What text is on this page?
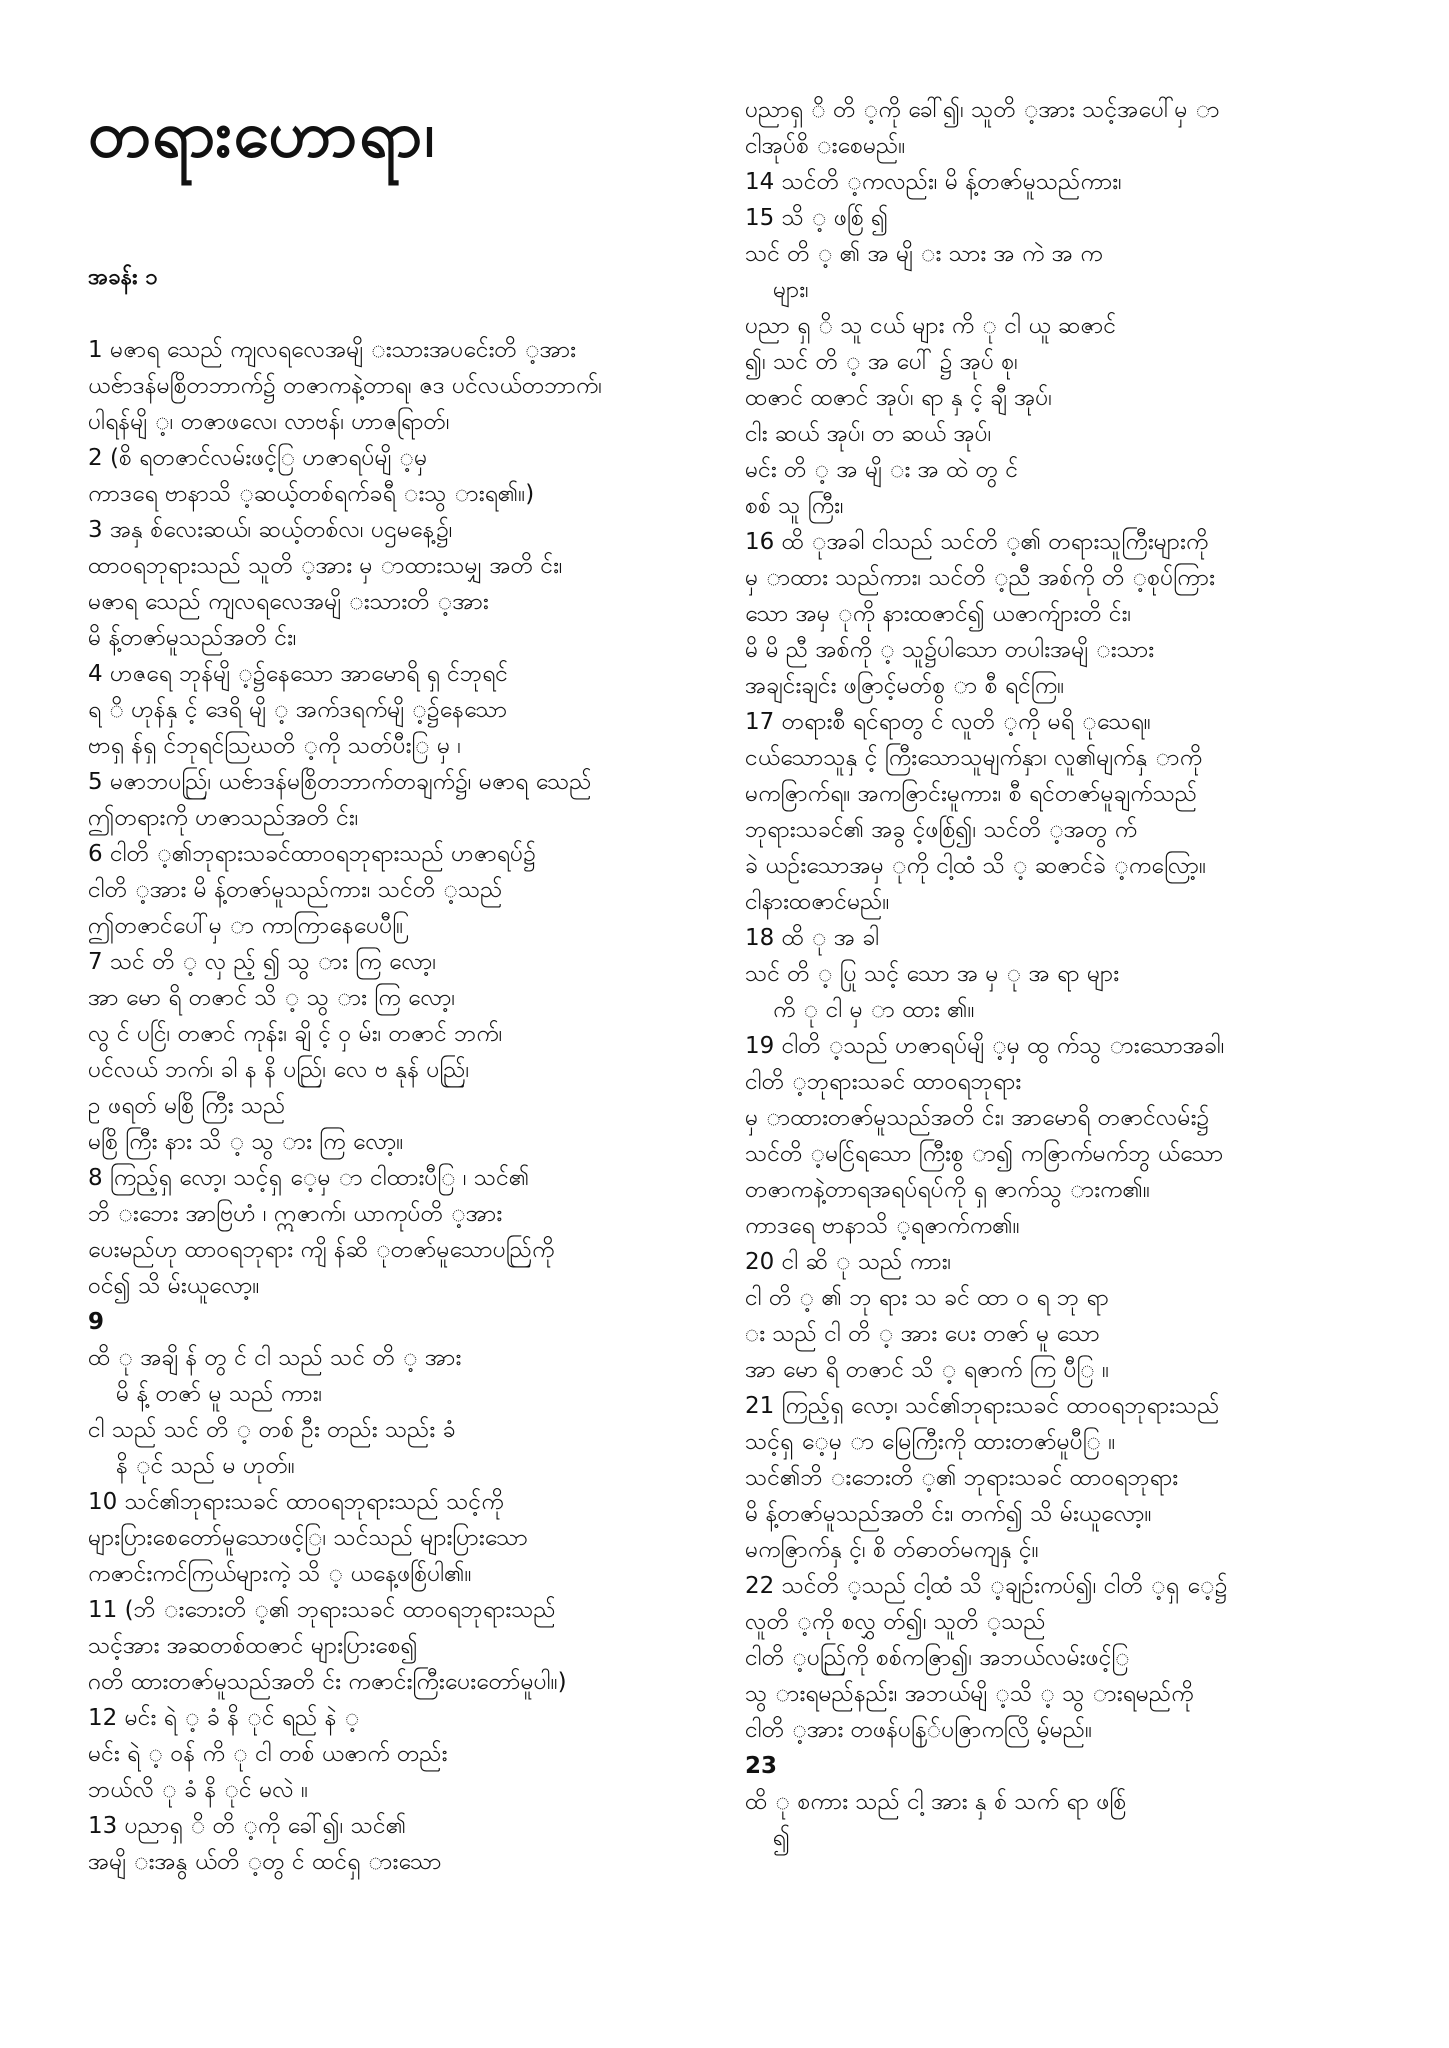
တရားဟောရာ၊
အခန်း ၁
1 မဇာရ သေည် ကျလရလေအမျိ းသားအပင်ေးတိ ့အား
ယၔ်ာဒန်မစြိတဘာက်၌ တဇာကနဲ့တာရ၊ ဇဒ ပင်လယ်တဘာက်၊
ပါရန်မျိ ့၊ တဇာဖလေ၊ လာဗန်၊ ဟာဇရြာတ်၊
2 (စိ ရတဇာင်လမ်းဖင့်ြ ဟဇာရပ်မျိ ့မှ
ကာဒရေ ဗာနာသိ ့ဆယ့်တစ်ရက်ခရီ းသွ ားရ၏။)
3 အနှ စ်လေးဆယ်၊ ဆယ့်တစ်လ၊ ပဌမနေ့၌၊
ထာဝရဘုရားသည် သူတိ ့အား မှ ာထားသမျှ အတိ င်း၊
မဇာရ သေည် ကျလရလေအမျိ းသားတိ ့အား
မိ န့်တဇာ်မူသည်အတိ င်း၊
4 ဟဇရေ ဘုန်မျိ ့၌နေသော အာမောရိ ရှ င်ဘုရင်
ရ ိ ဟုန်နှ င့် ဒေရိ မျိ ့ အက်ဒရက်မျိ ့၌နေသော
ဗာရှ န်ရှ င်ဘုရင်သြဃတိ ့ကို သတ်ပီးြ မှ ၊
5 မဇာဘပည်ြ၊ ယၔ်ာဒန်မစြိတဘာက်တချက်၌၊ မဇာရ သေည်
ဤတရားကို ဟဇာသည်အတိ င်း၊
6 ငါတိ ့၏ဘုရားသခင်ထာဝရဘုရားသည် ဟဇာရပ်၌
ငါတိ ့အား မိ န့်တဇာ်မူသည်ကား၊ သင်တိ ့သည်
ဤတဇာင်ပေါ်မှ ာ ကာကြာနေပေပီ။ြ
7 သင် တိ ့ လှ ည့် ၍ သွ ား ကြ လော့၊
အာ မော ရိ တဇာင် သိ ့ သွ ား ကြ လော့၊
လွ င် ပင်ြ၊ တဇာင် ကုန်း၊ ချိ င့် ဝှ မ်း၊ တဇာင် ဘက်၊
ပင်လယ် ဘက်၊ ခါ န နိ ပည်ြ၊ လေ ဗ နုန် ပည်ြ၊
ဥ ဖရတ် မစြိ ကြီး သည်
မစြိ ကြီး နား သိ ့ သွ ား ကြ လော့။
8 ကြည့်ရှ လော့၊ သင့်ရှ ေ့မှ ာ ငါထားပီြ ၊ သင်၏
ဘိ းဘေး အာဗြဟံ ၊ ဣဇာက်၊ ယာကုပ်တိ ့အား
ပေးမည်ဟု ထာဝရဘုရား ကျိ န်ဆိ ုတဇာ်မူသောပည်ြကို
ဝင်၍ သိ မ်းယူလော့။
9
ထိ ု အချိ န် တွ င် ငါ သည် သင် တိ ့ အား
မိ န့် တဇာ် မူ သည် ကား၊
ငါ သည် သင် တိ ့ တစ် ဦး တည်း သည်း ခံ
နိ ုင် သည် မ ဟုတ်။
10 သင်၏ဘုရားသခင် ထာဝရဘုရားသည် သင့်ကို
များပြားစေတော်မူသောဖင့်ြ၊ သင်သည် များပြားသော
ကဇာင်းကင်ကြယ်များကဲ့ သိ ့ ယနေ့ဖစ်ြပါ၏။
11 (ဘိ းဘေးတိ ့၏ ဘုရားသခင် ထာဝရဘုရားသည်
သင့်အား အဆတစ်ထဇာင် များပြားစေ၍
ဂတိ ထားတဇာ်မူသည်အတိ င်း ကဇာင်းကြီးပေးတော်မူပါ။)
12 မင်း ရဲ ့ ခံ နိ ုင် ရည် နဲ ့
မင်း ရဲ ့ ဝန် ကိ ု ငါ တစ် ယဇာက် တည်း
ဘယ်လိ ု ခံ နိ ုင် မလဲ ။
13 ပညာရှ ိ တိ ့ကို ခေါ်၍၊ သင်၏
အမျိ းအနွ ယ်တိ ့တွ င် ထင်ရှ ားသော
ပညာရှ ိ တိ ့ကို ခေါ်၍၊ သူတိ ့အား သင့်အပေါ်မှ ာ
ငါအုပ်စိ းစေမည်။
14 သင်တိ ့ကလည်း၊ မိ န့်တဇာ်မူသည်ကား၊
15 သိ ့ ဖစ်ြ ၍
သင် တိ ့ ၏ အ မျိ း သား အ ကဲ အ က
များ၊
ပညာ ရှ ိ သူ ငယ် များ ကိ ု ငါ ယူ ဆဇာင်
၍၊ သင် တိ ့ အ ပေါ် ၌ အုပ် စု၊
ထဇာင် ထဇာင် အုပ်၊ ရာ နှ င့် ချီ အုပ်၊
ငါး ဆယ် အုပ်၊ တ ဆယ် အုပ်၊
မင်း တိ ့ အ မျိ း အ ထဲ တွ င်
စစ် သူ ကြီး၊
16 ထိ ုအခါ ငါသည် သင်တိ ့၏ တရားသူကြီးများကို
မှ ာထား သည်ကား၊ သင်တိ ့ညီ အစ်ကို တိ ့စုပ်ကြား
သော အမှ ုကို နားထဇာင်၍ ယဇာက်ျားတိ င်း၊
မိ မိ ညီ အစ်ကို ့ သူ၌ပါသော တပါးအမျိ းသား
အချင်းချင်း ဖဇြာင့်မတ်စွ ာ စီ ရင်ကြ။
17 တရားစီ ရင်ရာတွ င် လူတိ ့ကို မရိ ုသေရ။
ငယ်သောသူနှ င့် ကြီးသောသူမျက်နှာ၊ လူ၏မျက်နှ ာကို
မကဇြာက်ရ။ အကဇြာင်းမူကား၊ စီ ရင်တဇာ်မူချက်သည်
ဘုရားသခင်၏ အခွ င့်ဖစ်ြ၍၊ သင်တိ ့အတွ က်
ခဲ ယဉ်းသောအမှ ုကို ငါ့ထံ သိ ့ ဆဇာင်ခဲ ့ကလြော့။
ငါနားထဇာင်မည်။
18 ထိ ု အ ခါ
သင် တိ ့ ပြု သင့် သော အ မှ ု အ ရာ များ
ကိ ု ငါ မှ ာ ထား ၏။
19 ငါတိ ့သည် ဟဇာရပ်မျိ ့မှ ထွ က်သွ ားသောအခါ၊
ငါတိ ့ဘုရားသခင် ထာဝရဘုရား
မှ ာထားတဇာ်မူသည်အတိ င်း၊ အာမောရိ တဇာင်လမ်း၌
သင်တိ ့မင်ြရသော ကြီးစွ ာ၍ ကဇြာက်မက်ဘွ ယ်သော
တဇာကနဲ့တာရအရပ်ရပ်ကို ရှ ဇာက်သွ ားက၏။
ကာဒရေ ဗာနာသိ ့ရဇာက်က၏။
20 ငါ ဆိ ု သည် ကား၊
ငါ တိ ့ ၏ ဘု ရား သ ခင် ထာ ဝ ရ ဘု ရာ
း သည် ငါ တိ ့ အား ပေး တဇာ် မူ သော
အာ မော ရိ တဇာင် သိ ့ ရဇာက် ကြ ပီြ ။
21 ကြည့်ရှ လော့၊ သင်၏ဘုရားသခင် ထာဝရဘုရားသည်
သင့်ရှ ေ့မှ ာ မြေကြီးကို ထားတဇာ်မူပီြ ။
သင်၏ဘိ းဘေးတိ ့၏ ဘုရားသခင် ထာဝရဘုရား
မိ န့်တဇာ်မူသည်အတိ င်း၊ တက်၍ သိ မ်းယူလော့။
မကဇြာက်နှ င့်၊ စိ တ်ဓာတ်မကျနှ င့်။
22 သင်တိ ့သည် ငါ့ထံ သိ ့ချဉ်းကပ်၍၊ ငါတိ ့ရှ ေ့၌
လူတိ ့ကို စလွှ တ်၍၊ သူတိ ့သည်
ငါတိ ့ပည်ြကို စစ်ကဇြာ၍၊ အဘယ်လမ်းဖင့်ြ
သွ ားရမည်နည်း၊ အဘယ်မျိ ့သိ ့ သွ ားရမည်ကို
ငါတိ ့အား တဖန်ပနြ်ပဇြာကလြိ မ့်မည်။
23
ထိ ု စကား သည် ငါ့ အား နှ စ် သက် ရာ ဖစ်ြ
၍
